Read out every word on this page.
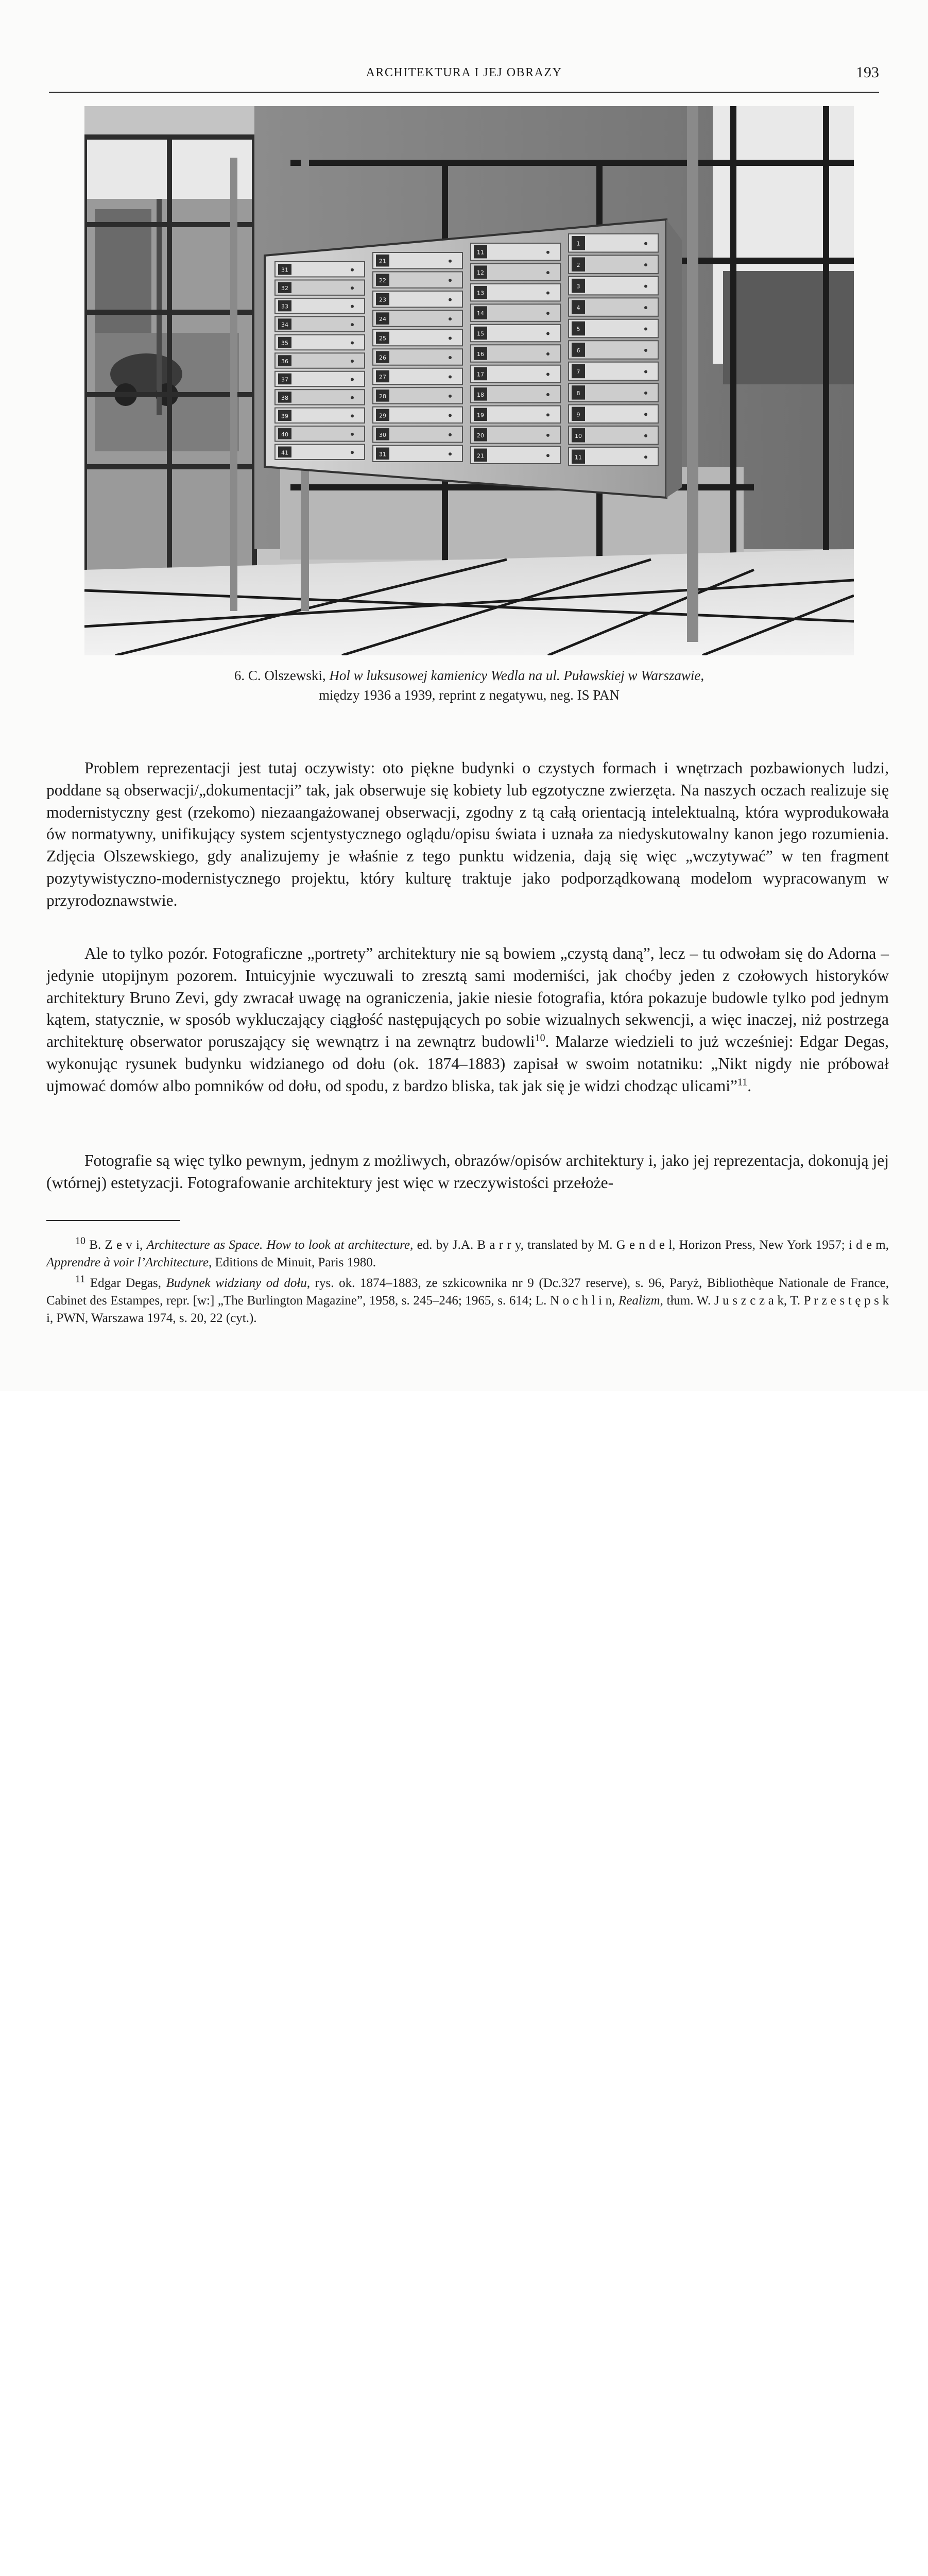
ARCHITEKTURA I JEJ OBRAZY	193
31
32
33
34
35
36
37
38
39
40
41
21
22
23
24
25
26
27
28
29
30
31
11
12
13
14
15
16
17
18
19
20
21
1
2
3
4
5
6
7
8
9
10
11
6. C. Olszewski, Hol w luksusowej kamienicy Wedla na ul. Puławskiej w Warszawie,
między 1936 a 1939, reprint z negatywu, neg. IS PAN

Problem reprezentacji jest tutaj oczywisty: oto piękne budynki o czystych formach i wnętrzach pozbawionych ludzi, poddane są obserwacji/„dokumentacji” tak, jak obserwuje się kobiety lub egzotyczne zwierzęta. Na naszych oczach realizuje się modernistyczny gest (rzekomo) niezaangażowanej obserwacji, zgodny z tą całą orientacją intelektualną, która wyprodukowała ów normatywny, unifikujący system scjentystycznego oglądu/opisu świata i uznała za niedyskutowalny kanon jego rozumienia. Zdjęcia Olszewskiego, gdy analizujemy je właśnie z tego punktu widzenia, dają się więc „wczytywać” w ten fragment pozytywistyczno-modernistycznego projektu, który kulturę traktuje jako podporządkowaną modelom wypracowanym w przyrodoznawstwie.

Ale to tylko pozór. Fotograficzne „portrety” architektury nie są bowiem „czystą daną”, lecz – tu odwołam się do Adorna – jedynie utopijnym pozorem. Intuicyjnie wyczuwali to zresztą sami moderniści, jak choćby jeden z czołowych historyków architektury Bruno Zevi, gdy zwracał uwagę na ograniczenia, jakie niesie fotografia, która pokazuje budowle tylko pod jednym kątem, statycznie, w sposób wykluczający ciągłość następujących po sobie wizualnych sekwencji, a więc inaczej, niż postrzega architekturę obserwator poruszający się wewnątrz i na zewnątrz budowli$^{10}$. Malarze wiedzieli to już wcześniej: Edgar Degas, wykonując rysunek budynku widzianego od dołu (ok. 1874–1883) zapisał w swoim notatniku: „Nikt nigdy nie próbował ujmować domów albo pomników od dołu, od spodu, z bardzo bliska, tak jak się je widzi chodząc ulicami”$^{11}$.

Fotografie są więc tylko pewnym, jednym z możliwych, obrazów/opisów architektury i, jako jej reprezentacja, dokonują jej (wtórnej) estetyzacji. Fotografowanie architektury jest więc w rzeczywistości przełoże-

$^{10}$ B. Z e v i, Architecture as Space. How to look at architecture, ed. by J.A. B a r r y, translated by M. G e n d e l, Horizon Press, New York 1957; i d e m, Apprendre à voir l’Architecture, Editions de Minuit, Paris 1980.

$^{11}$ Edgar Degas, Budynek widziany od dołu, rys. ok. 1874–1883, ze szkicownika nr 9 (Dc.327 reserve), s. 96, Paryż, Bibliothèque Nationale de France, Cabinet des Estampes, repr. [w:] „The Burlington Magazine”, 1958, s. 245–246; 1965, s. 614; L. N o c h l i n, Realizm, tłum. W. J u s z c z a k, T. P r z e s t ę p s k i, PWN, Warszawa 1974, s. 20, 22 (cyt.).
